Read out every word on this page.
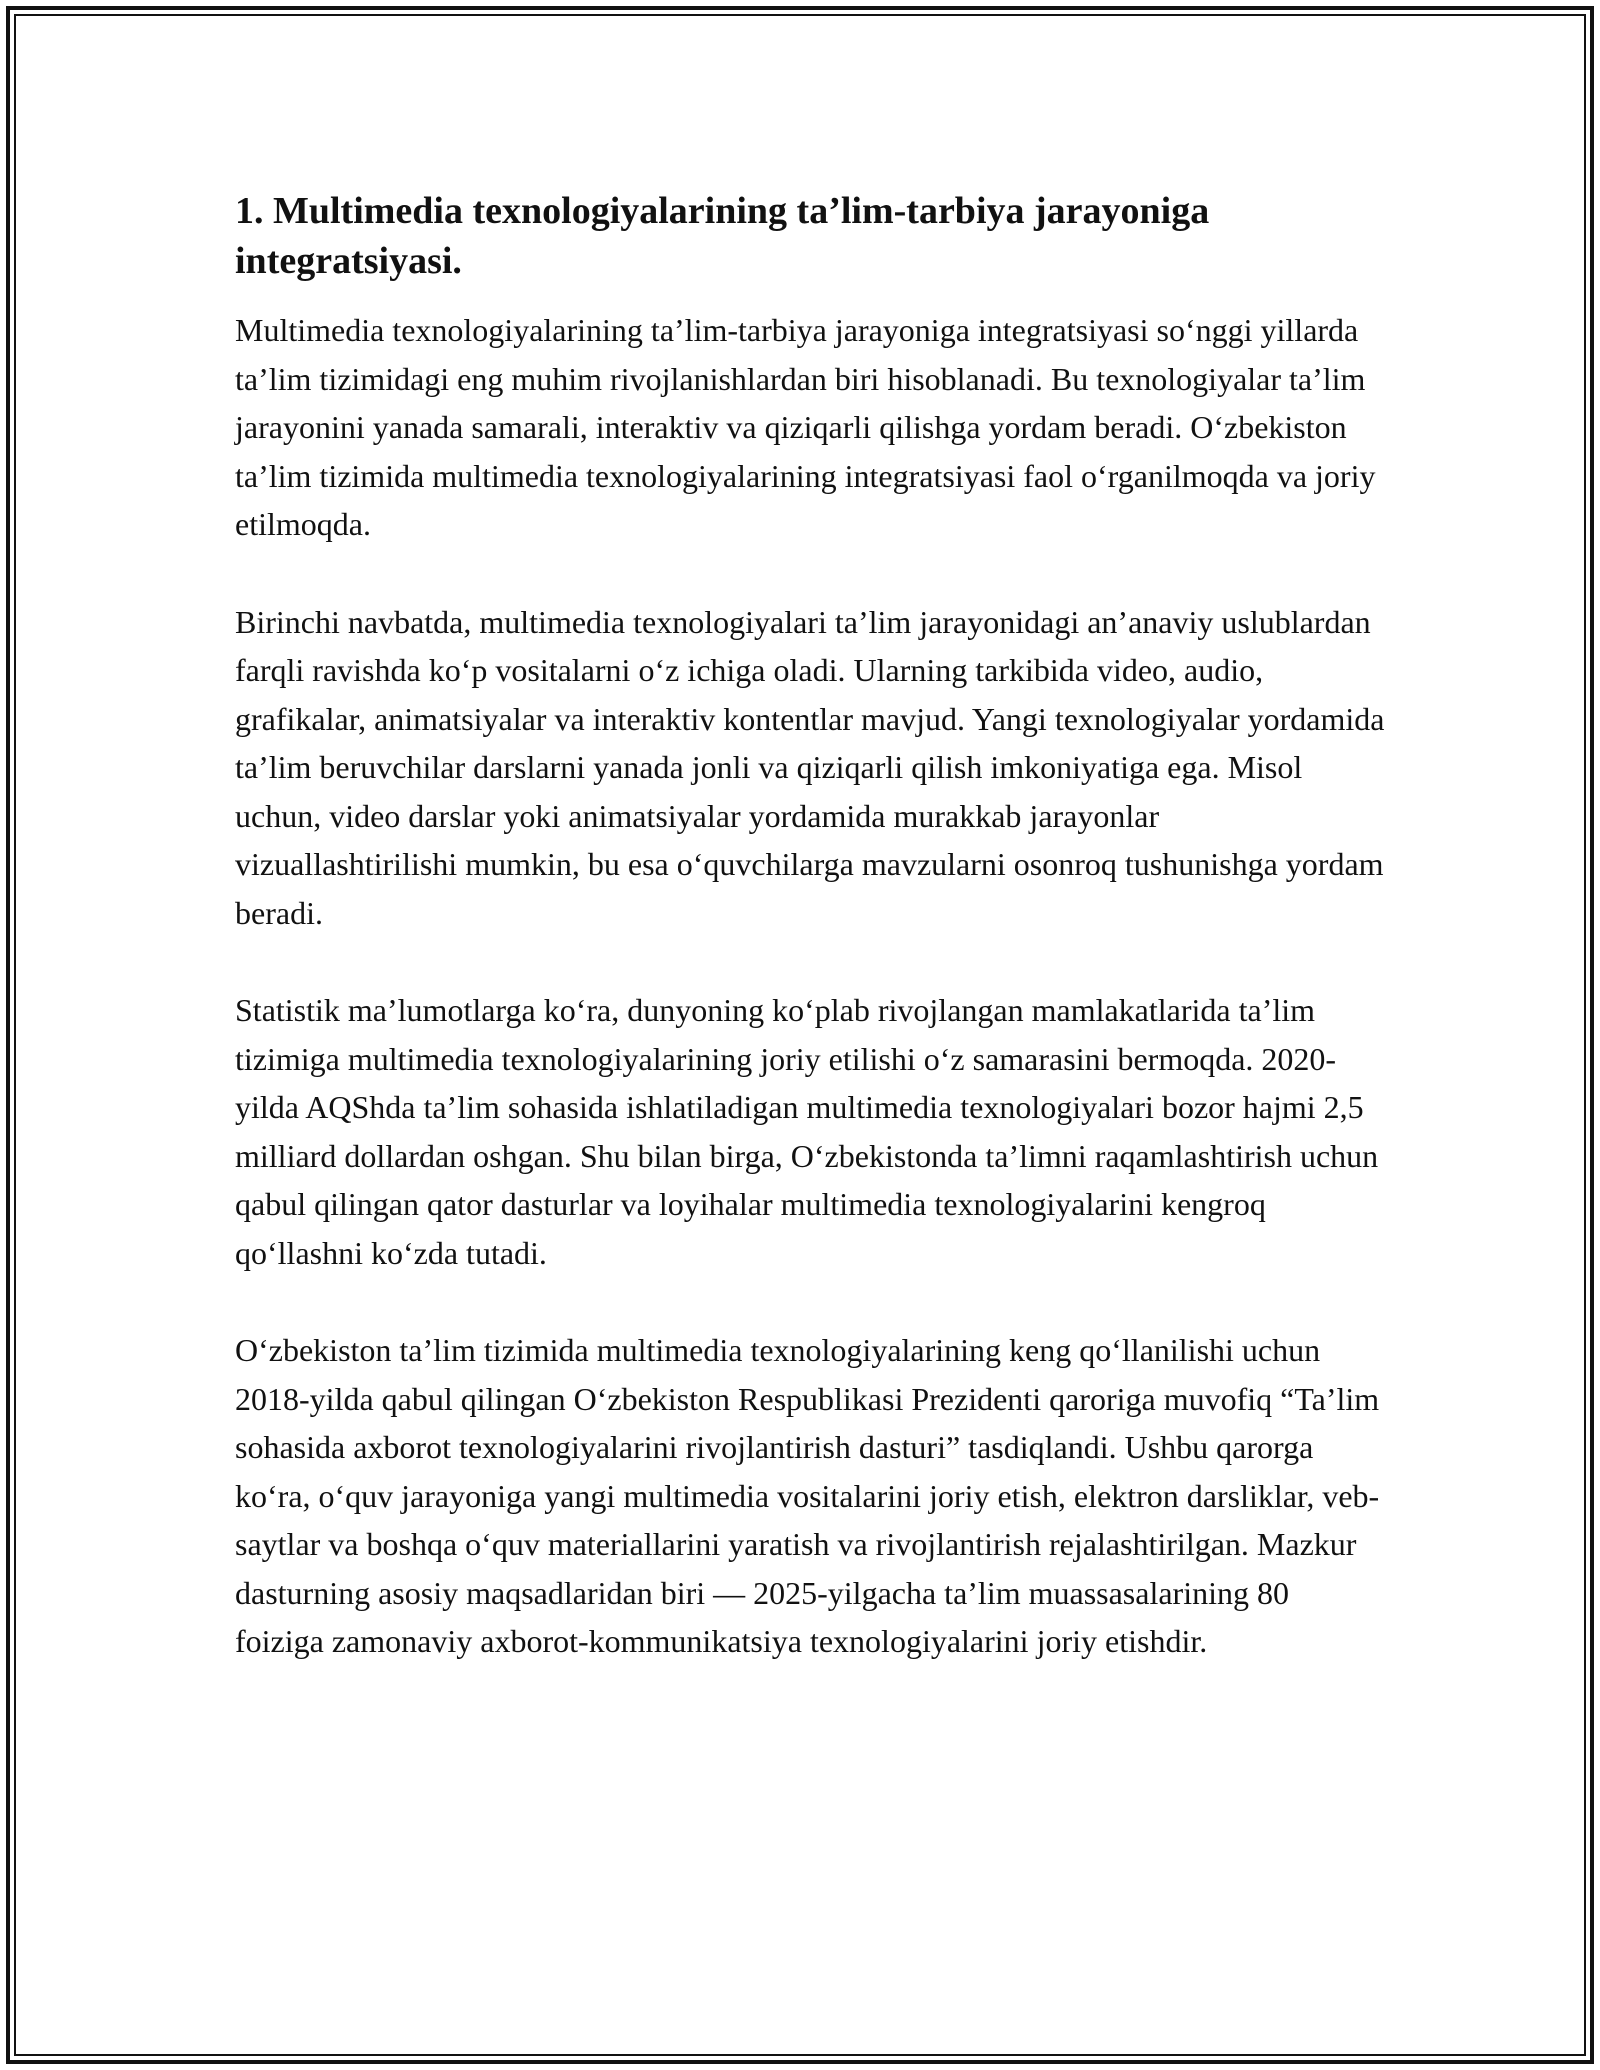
1. Multimedia texnologiyalarining ta’lim-tarbiya jarayoniga integratsiyasi.

Multimedia texnologiyalarining ta’lim-tarbiya jarayoniga integratsiyasi so‘nggi yillarda ta’lim tizimidagi eng muhim rivojlanishlardan biri hisoblanadi. Bu texnologiyalar ta’lim jarayonini yanada samarali, interaktiv va qiziqarli qilishga yordam beradi. O‘zbekiston ta’lim tizimida multimedia texnologiyalarining integratsiyasi faol o‘rganilmoqda va joriy etilmoqda.

Birinchi navbatda, multimedia texnologiyalari ta’lim jarayonidagi an’anaviy uslublardan farqli ravishda ko‘p vositalarni o‘z ichiga oladi. Ularning tarkibida video, audio, grafikalar, animatsiyalar va interaktiv kontentlar mavjud. Yangi texnologiyalar yordamida ta’lim beruvchilar darslarni yanada jonli va qiziqarli qilish imkoniyatiga ega. Misol uchun, video darslar yoki animatsiyalar yordamida murakkab jarayonlar vizuallashtirilishi mumkin, bu esa o‘quvchilarga mavzularni osonroq tushunishga yordam beradi.

Statistik ma’lumotlarga ko‘ra, dunyoning ko‘plab rivojlangan mamlakatlarida ta’lim tizimiga multimedia texnologiyalarining joriy etilishi o‘z samarasini bermoqda. 2020-yilda AQShda ta’lim sohasida ishlatiladigan multimedia texnologiyalari bozor hajmi 2,5 milliard dollardan oshgan. Shu bilan birga, O‘zbekistonda ta’limni raqamlashtirish uchun qabul qilingan qator dasturlar va loyihalar multimedia texnologiyalarini kengroq qo‘llashni ko‘zda tutadi.

O‘zbekiston ta’lim tizimida multimedia texnologiyalarining keng qo‘llanilishi uchun 2018-yilda qabul qilingan O‘zbekiston Respublikasi Prezidenti qaroriga muvofiq “Ta’lim sohasida axborot texnologiyalarini rivojlantirish dasturi” tasdiqlandi. Ushbu qarorga ko‘ra, o‘quv jarayoniga yangi multimedia vositalarini joriy etish, elektron darsliklar, veb-saytlar va boshqa o‘quv materiallarini yaratish va rivojlantirish rejalashtirilgan. Mazkur dasturning asosiy maqsadlaridan biri — 2025-yilgacha ta’lim muassasalarining 80 foiziga zamonaviy axborot-kommunikatsiya texnologiyalarini joriy etishdir.
